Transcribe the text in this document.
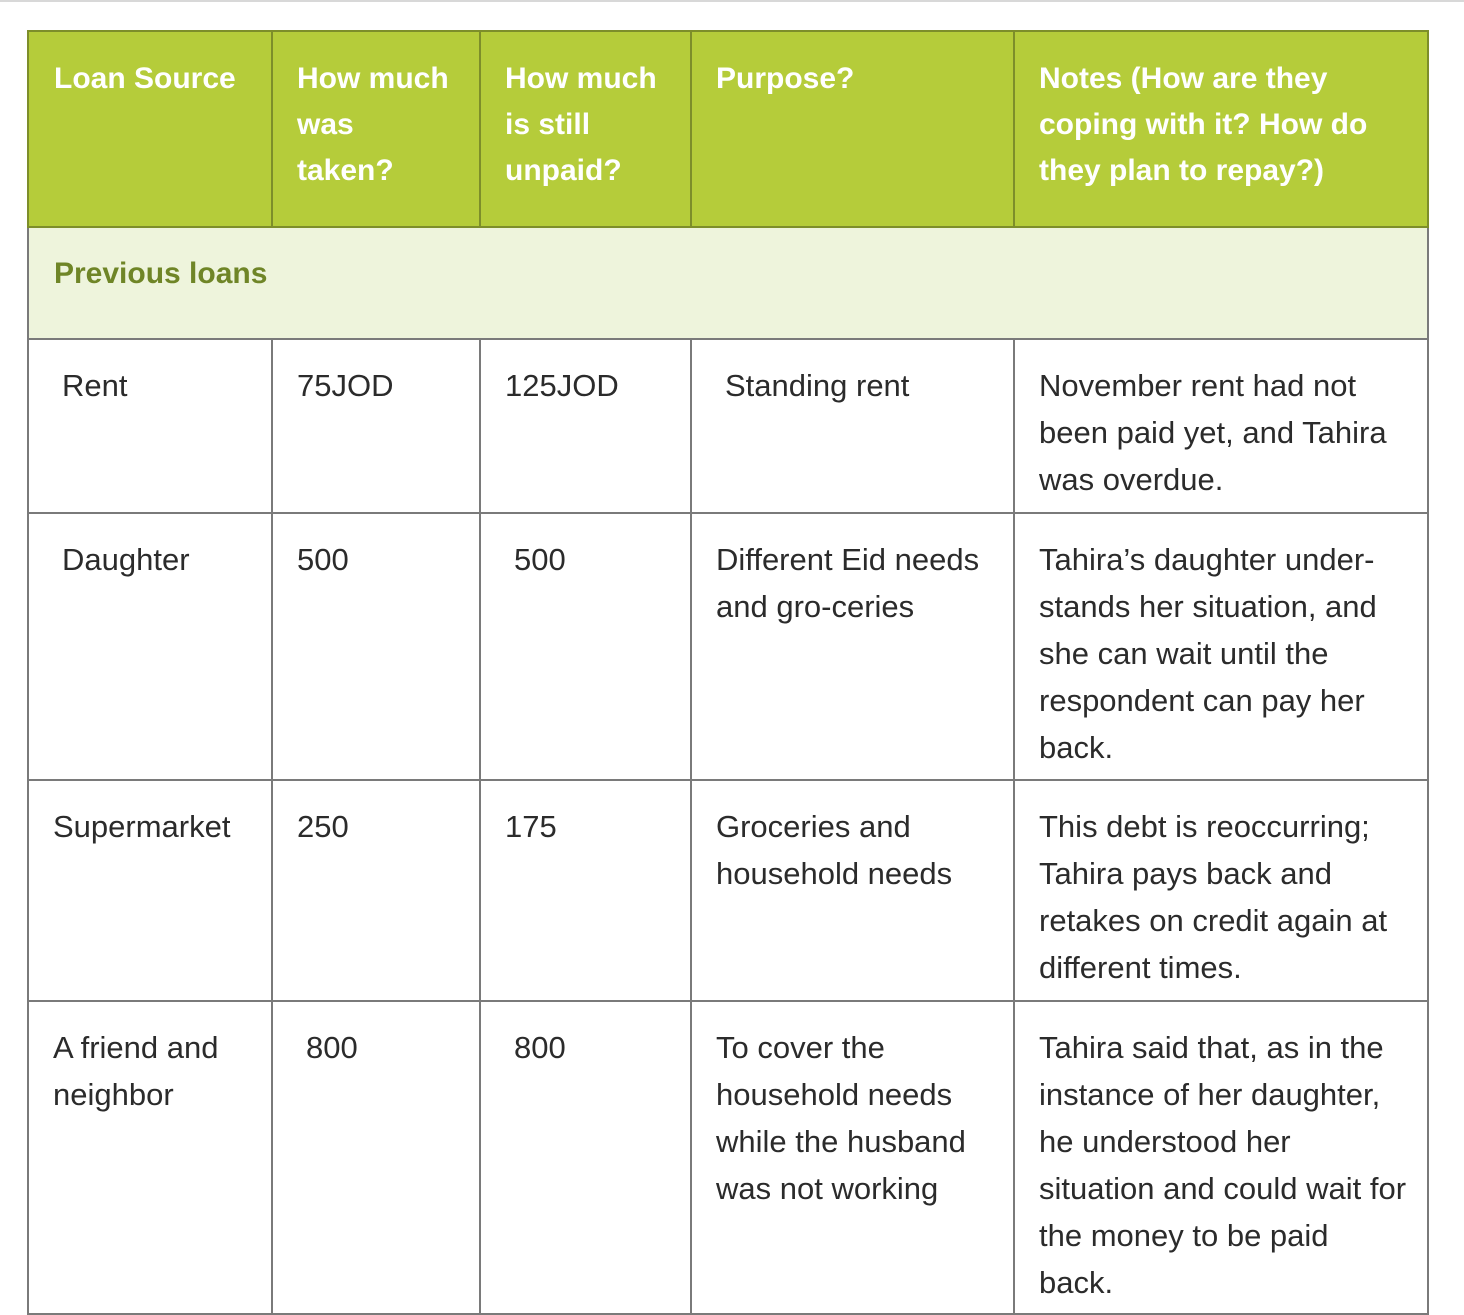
Loan Source	How much was taken?	How much is still unpaid?	Purpose?	Notes (How are they coping with it? How do they plan to repay?)
Previous loans				
Rent	75JOD	125JOD	Standing rent	November rent had not been paid yet, and Tahira was overdue.
Daughter	500	500	Different Eid needs and gro-ceries	Tahira’s daughter under-stands her situation, and she can wait until the respondent can pay her back.
Supermarket	250	175	Groceries and household needs	This debt is reoccurring; Tahira pays back and retakes on credit again at different times.
A friend and neighbor	800	800	To cover the household needs while the husband was not working	Tahira said that, as in the instance of her daughter, he understood her situation and could wait for the money to be paid back.
